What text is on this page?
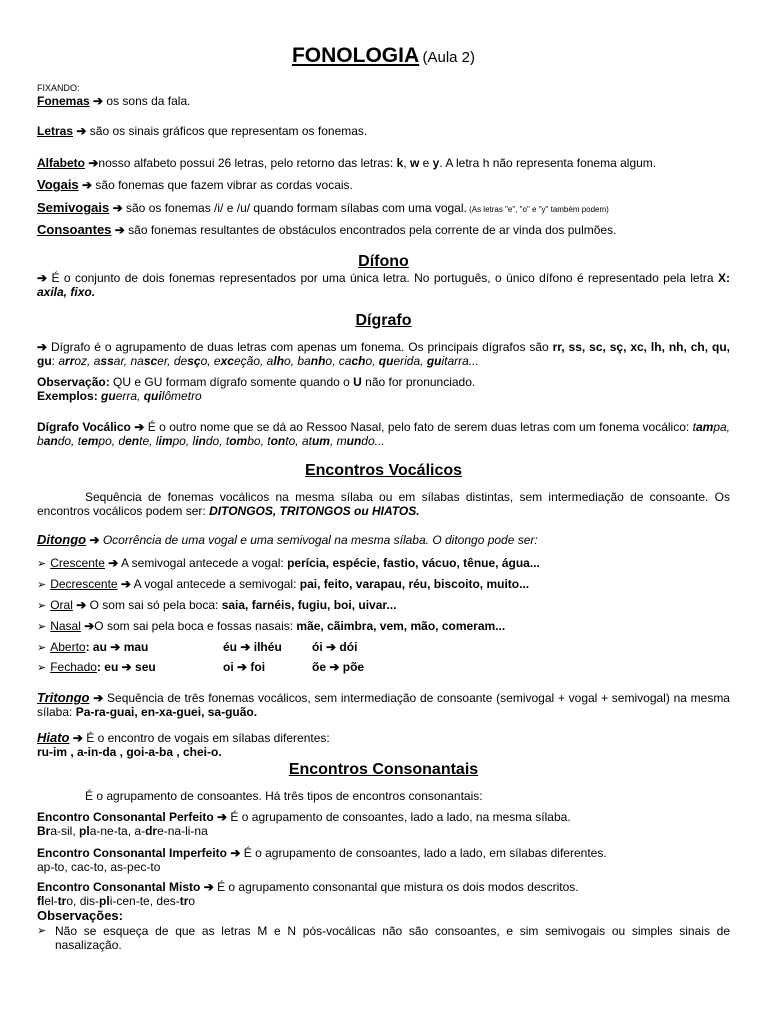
FONOLOGIA (Aula 2)
FIXANDO:
Fonemas ➔ os sons da fala.
Letras ➔ são os sinais gráficos que representam os fonemas.
Alfabeto ➔nosso alfabeto possui 26 letras, pelo retorno das letras: k, w e y. A letra h não representa fonema algum.
Vogais ➔ são fonemas que fazem vibrar as cordas vocais.
Semivogais ➔ são os fonemas /i/ e /u/ quando formam sílabas com uma vogal. (As letras "e", "o" e "y" também podem)
Consoantes ➔ são fonemas resultantes de obstáculos encontrados pela corrente de ar vinda dos pulmões.
Dífono
➔ É o conjunto de dois fonemas representados por uma única letra. No português, o único dífono é representado pela letra X: axila, fixo.
Dígrafo
➔ Dígrafo é o agrupamento de duas letras com apenas um fonema. Os principais dígrafos são rr, ss, sc, sç, xc, lh, nh, ch, qu, gu: arroz, assar, nascer, desço, exceção, alho, banho, cacho, querida, guitarra...
Observação: QU e GU formam dígrafo somente quando o U não for pronunciado.
Exemplos: guerra, quilômetro
Dígrafo Vocálico ➔ É o outro nome que se dá ao Ressoo Nasal, pelo fato de serem duas letras com um fonema vocálico: tampa, bando, tempo, dente, limpo, lindo, tombo, tonto, atum, mundo...
Encontros Vocálicos
Sequência de fonemas vocálicos na mesma sílaba ou em sílabas distintas, sem intermediação de consoante. Os encontros vocálicos podem ser: DITONGOS, TRITONGOS ou HIATOS.
Ditongo ➔ Ocorrência de uma vogal e uma semivogal na mesma sílaba. O ditongo pode ser:
➢ Crescente ➔ A semivogal antecede a vogal: perícia, espécie, fastio, vácuo, tênue, água...
➢ Decrescente ➔ A vogal antecede a semivogal: pai, feito, varapau, réu, biscoito, muito...
➢ Oral ➔ O som sai só pela boca: saia, farnéis, fugiu, boi, uivar...
➢ Nasal ➔O som sai pela boca e fossas nasais: mãe, cãimbra, vem, mão, comeram...
➢ Aberto: au ➔ mau	éu ➔ ilhéu	ói ➔ dói
➢ Fechado: eu ➔ seu	oi ➔ foi	õe ➔ põe
Tritongo ➔ Sequência de três fonemas vocálicos, sem intermediação de consoante (semivogal + vogal + semivogal) na mesma sílaba: Pa-ra-guai, en-xa-guei, sa-guão.
Hiato ➔ É o encontro de vogais em sílabas diferentes:
ru-im , a-in-da , goi-a-ba , chei-o.
Encontros Consonantais
É o agrupamento de consoantes. Há três tipos de encontros consonantais:
Encontro Consonantal Perfeito ➔ É o agrupamento de consoantes, lado a lado, na mesma sílaba.
Bra-sil, pla-ne-ta, a-dre-na-li-na
Encontro Consonantal Imperfeito ➔ É o agrupamento de consoantes, lado a lado, em sílabas diferentes.
ap-to, cac-to, as-pec-to
Encontro Consonantal Misto ➔ É o agrupamento consonantal que mistura os dois modos descritos.
flel-tro, dis-pli-cen-te, des-tro
Observações:
➢ Não se esqueça de que as letras M e N pós-vocálicas não são consoantes, e sim semivogais ou simples sinais de nasalização.
